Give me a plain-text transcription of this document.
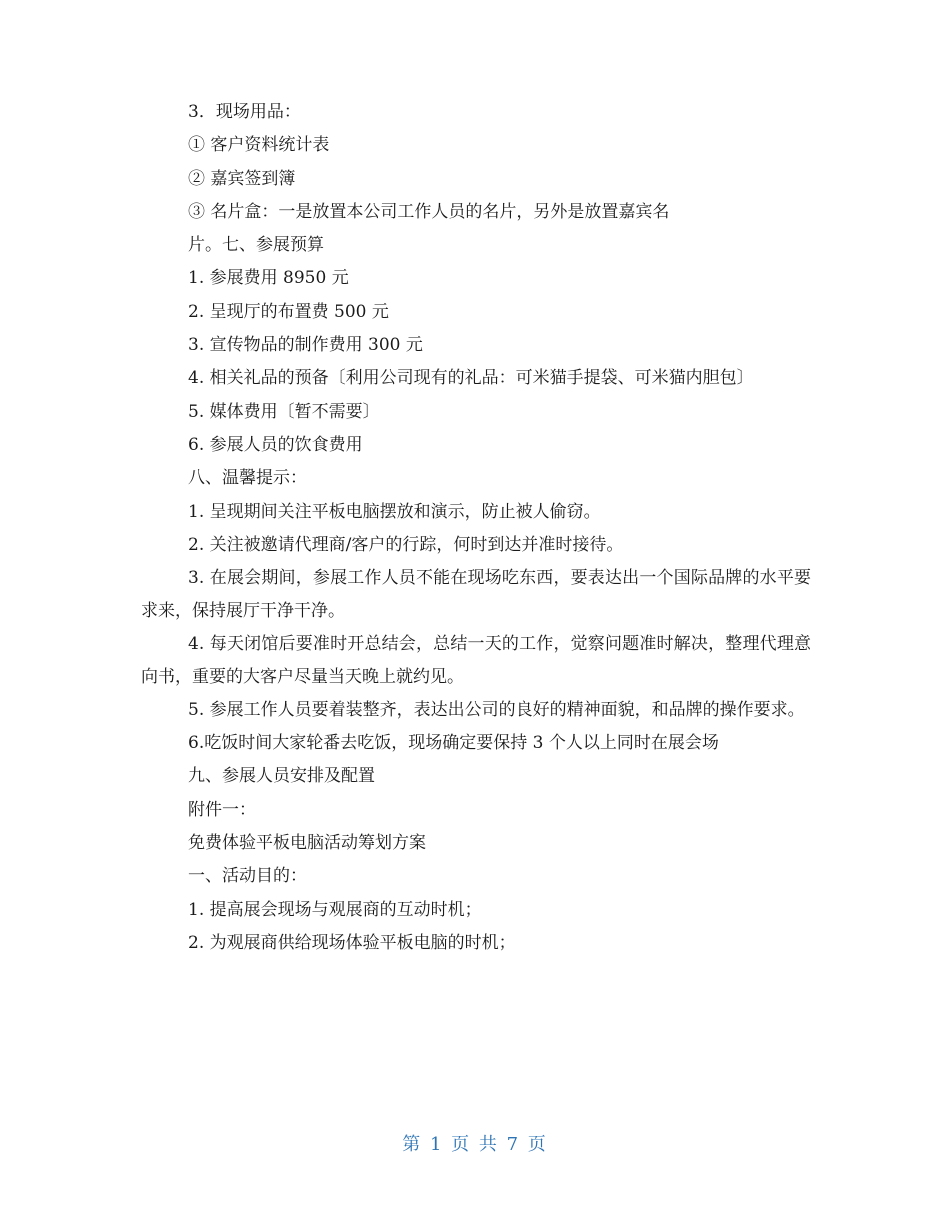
3．现场用品：
① 客户资料统计表
② 嘉宾签到簿
③ 名片盒：一是放置本公司工作人员的名片，另外是放置嘉宾名
片。七、参展预算
1. 参展费用 8950 元
2. 呈现厅的布置费 500 元
3. 宣传物品的制作费用 300 元
4. 相关礼品的预备〔利用公司现有的礼品：可米猫手提袋、可米猫内胆包〕
5. 媒体费用〔暂不需要〕
6. 参展人员的饮食费用
八、温馨提示：
1. 呈现期间关注平板电脑摆放和演示，防止被人偷窃。
2. 关注被邀请代理商/客户的行踪，何时到达并准时接待。

3. 在展会期间，参展工作人员不能在现场吃东西，要表达出一个国际品牌的水平要求来，保持展厅干净干净。

4. 每天闭馆后要准时开总结会，总结一天的工作，觉察问题准时解决，整理代理意向书，重要的大客户尽量当天晚上就约见。

5. 参展工作人员要着装整齐，表达出公司的良好的精神面貌，和品牌的操作要求。

6.吃饭时间大家轮番去吃饭，现场确定要保持 3 个人以上同时在展会场
九、参展人员安排及配置
附件一：
免费体验平板电脑活动筹划方案
一、活动目的：
1. 提高展会现场与观展商的互动时机；
2. 为观展商供给现场体验平板电脑的时机；
第 1 页 共 7 页
